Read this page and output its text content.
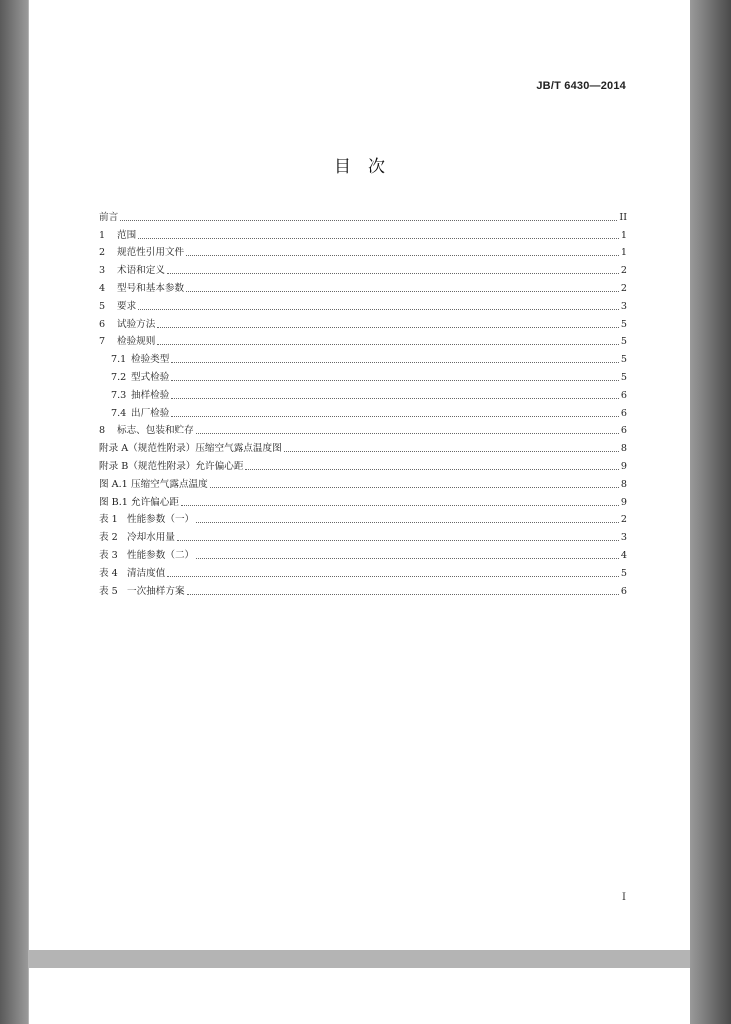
JB/T 6430—2014
目　次
前言	II
1	范围	1
2	规范性引用文件	1
3	术语和定义	2
4	型号和基本参数	2
5	要求	3
6	试验方法	5
7	检验规则	5
7.1 检验类型	5
7.2 型式检验	5
7.3 抽样检验	6
7.4 出厂检验	6
8	标志、包装和贮存	6
附录 A（规范性附录）压缩空气露点温度图	8
附录 B（规范性附录）允许偏心距	9
图 A.1 压缩空气露点温度	8
图 B.1 允许偏心距	9
表 1 性能参数（一）	2
表 2 冷却水用量	3
表 3 性能参数（二）	4
表 4 清洁度值	5
表 5 一次抽样方案	6
I
